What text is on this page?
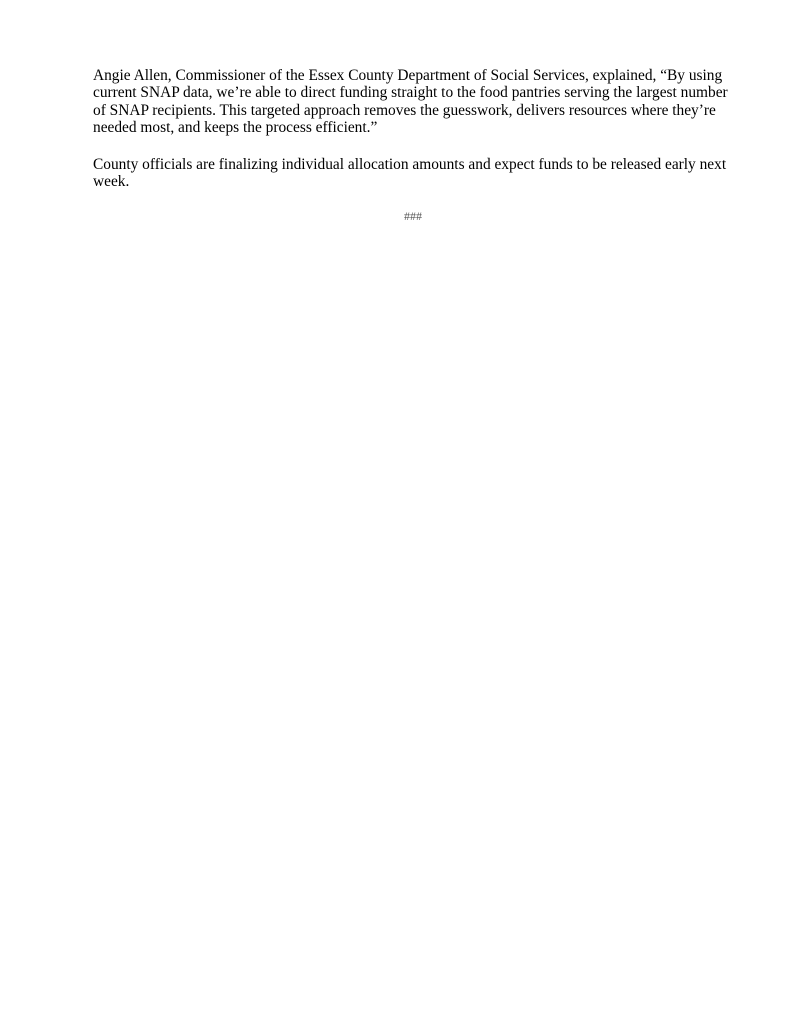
Angie Allen, Commissioner of the Essex County Department of Social Services, explained, “By using current SNAP data, we’re able to direct funding straight to the food pantries serving the largest number of SNAP recipients. This targeted approach removes the guesswork, delivers resources where they’re needed most, and keeps the process efficient.”

County officials are finalizing individual allocation amounts and expect funds to be released early next week.

###
